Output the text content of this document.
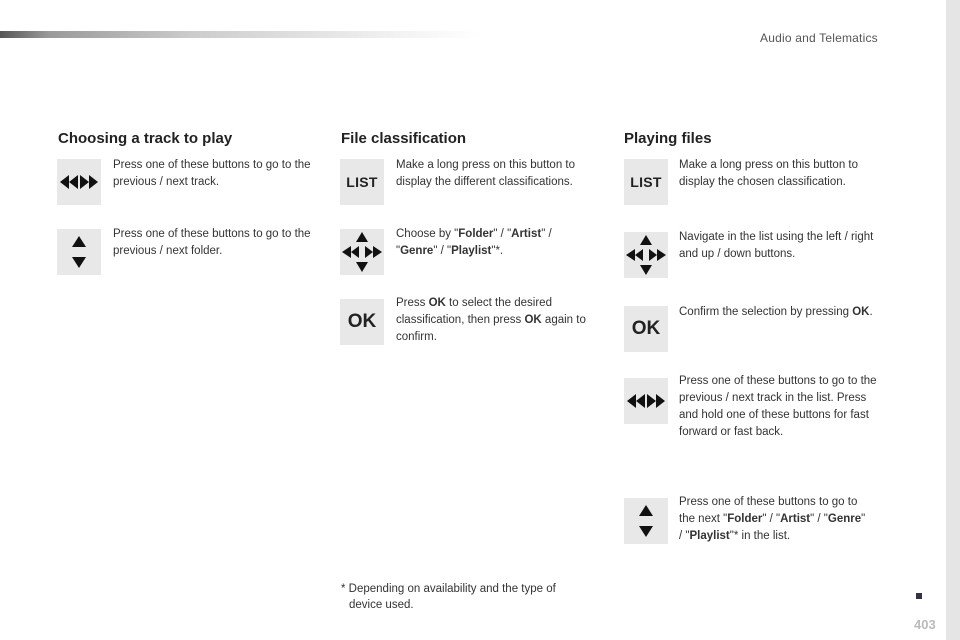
Audio and Telematics
Choosing a track to play
Press one of these buttons to go to the previous / next track.
Press one of these buttons to go to the previous / next folder.
File classification
LIST
Make a long press on this button to display the different classifications.
Choose by "Folder" / "Artist" /
"Genre" / "Playlist"*.
OK
Press OK to select the desired classification, then press OK again to confirm.
Playing files
LIST
Make a long press on this button to display the chosen classification.
Navigate in the list using the left / right and up / down buttons.
OK
Confirm the selection by pressing OK.
Press one of these buttons to go to the previous / next track in the list. Press and hold one of these buttons for fast forward or fast back.
Press one of these buttons to go to the next "Folder" / "Artist" / "Genre" / "Playlist"* in the list.
* Depending on availability and the type of
device used.
403
